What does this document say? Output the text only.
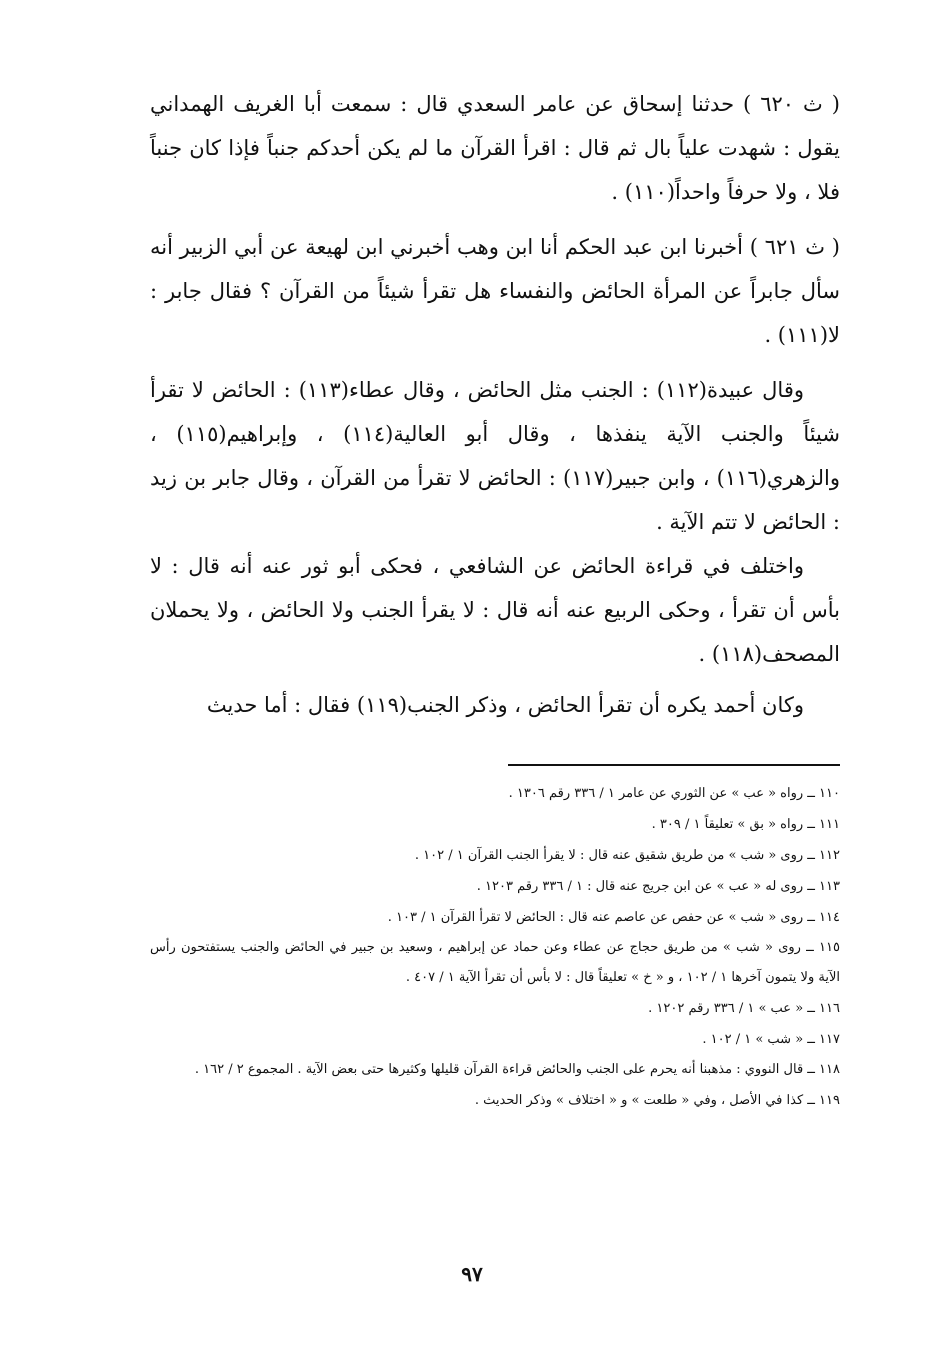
( ث ٦٢٠ ) حدثنا إسحاق عن عامر السعدي قال : سمعت أبا الغريف الهمداني يقول : شهدت علياً بال ثم قال : اقرأ القرآن ما لم يكن أحدكم جنباً فإذا كان جنباً فلا ، ولا حرفاً واحداً(١١٠) .

( ث ٦٢١ ) أخبرنا ابن عبد الحكم أنا ابن وهب أخبرني ابن لهيعة عن أبي الزبير أنه سأل جابراً عن المرأة الحائض والنفساء هل تقرأ شيئاً من القرآن ؟ فقال جابر : لا(١١١) .

وقال عبيدة(١١٢) : الجنب مثل الحائض ، وقال عطاء(١١٣) : الحائض لا تقرأ شيئاً والجنب الآية ينفذها ، وقال أبو العالية(١١٤) ، وإبراهيم(١١٥) ، والزهري(١١٦) ، وابن جبير(١١٧) : الحائض لا تقرأ من القرآن ، وقال جابر بن زيد : الحائض لا تتم الآية .

واختلف في قراءة الحائض عن الشافعي ، فحكى أبو ثور عنه أنه قال : لا بأس أن تقرأ ، وحكى الربيع عنه أنه قال : لا يقرأ الجنب ولا الحائض ، ولا يحملان المصحف(١١٨) .

وكان أحمد يكره أن تقرأ الحائض ، وذكر الجنب(١١٩) فقال : أما حديث

١١٠ ــ رواه « عب » عن الثوري عن عامر ١ / ٣٣٦ رقم ١٣٠٦ .

١١١ ــ رواه « بق » تعليقاً ١ / ٣٠٩ .

١١٢ ــ روى « شب » من طريق شقيق عنه قال : لا يقرأ الجنب القرآن ١ / ١٠٢ .

١١٣ ــ روى له « عب » عن ابن جريج عنه قال : ١ / ٣٣٦ رقم ١٢٠٣ .

١١٤ ــ روى « شب » عن حفص عن عاصم عنه قال : الحائض لا تقرأ القرآن ١ / ١٠٣ .

١١٥ ــ روى « شب » من طريق حجاج عن عطاء وعن حماد عن إبراهيم ، وسعيد بن جبير في الحائض والجنب يستفتحون رأس الآية ولا يتمون آخرها ١ / ١٠٢ ، و « خ » تعليقاً قال : لا بأس أن تقرأ الآية ١ / ٤٠٧ .

١١٦ ــ « عب » ١ / ٣٣٦ رقم ١٢٠٢ .

١١٧ ــ « شب » ١ / ١٠٢ .

١١٨ ــ قال النووي : مذهبنا أنه يحرم على الجنب والحائض قراءة القرآن قليلها وكثيرها حتى بعض الآية . المجموع ٢ / ١٦٢ .

١١٩ ــ كذا في الأصل ، وفي « طلعت » و « اختلاف » وذكر الحديث .

٩٧
